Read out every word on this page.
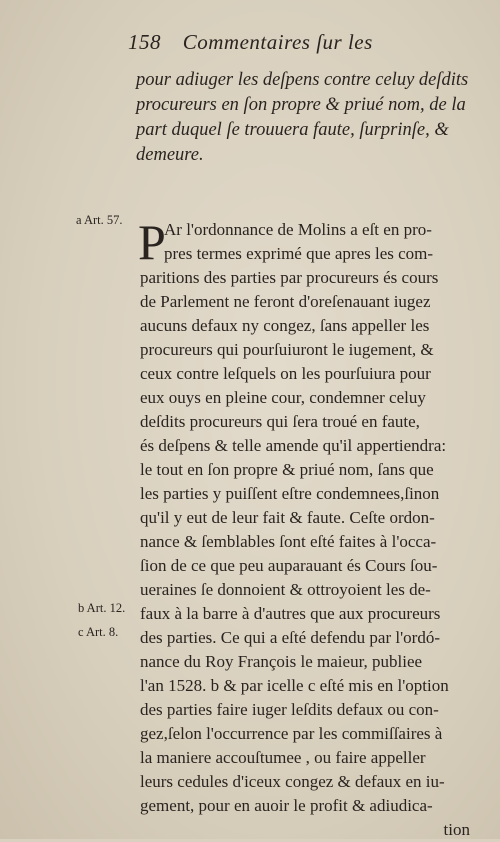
158 Commentaires ſur les
pour adiuger les deſpens contre celuy deſdits
procureurs en ſon propre & priué nom, de la
part duquel ſe trouuera faute, ſurprinſe, &
demeure.
a Art. 57.
b Art. 12.
c Art. 8.
P
Ar l'ordonnance de Molins a eſt en pro-
pres termes exprimé que apres les com-
paritions des parties par procureurs és cours
de Parlement ne feront d'oreſenauant iugez
aucuns defaux ny congez, ſans appeller les
procureurs qui pourſuiuront le iugement, &
ceux contre leſquels on les pourſuiura pour
eux ouys en pleine cour, condemner celuy
deſdits procureurs qui ſera troué en faute,
és deſpens & telle amende qu'il appertiendra:
le tout en ſon propre & priué nom, ſans que
les parties y puiſſent eſtre condemnees,ſinon
qu'il y eut de leur fait & faute. Ceſte ordon-
nance & ſemblables ſont eſté faites à l'occa-
ſion de ce que peu auparauant és Cours ſou-
ueraines ſe donnoient & ottroyoient les de-
faux à la barre à d'autres que aux procureurs
des parties. Ce qui a eſté defendu par l'ordó-
nance du Roy François le maieur, publiee
l'an 1528. b & par icelle c eſté mis en l'option
des parties faire iuger leſdits defaux ou con-
gez,ſelon l'occurrence par les commiſſaires à
la maniere accouſtumee , ou faire appeller
leurs cedules d'iceux congez & defaux en iu-
gement, pour en auoir le profit & adiudica-
tion
